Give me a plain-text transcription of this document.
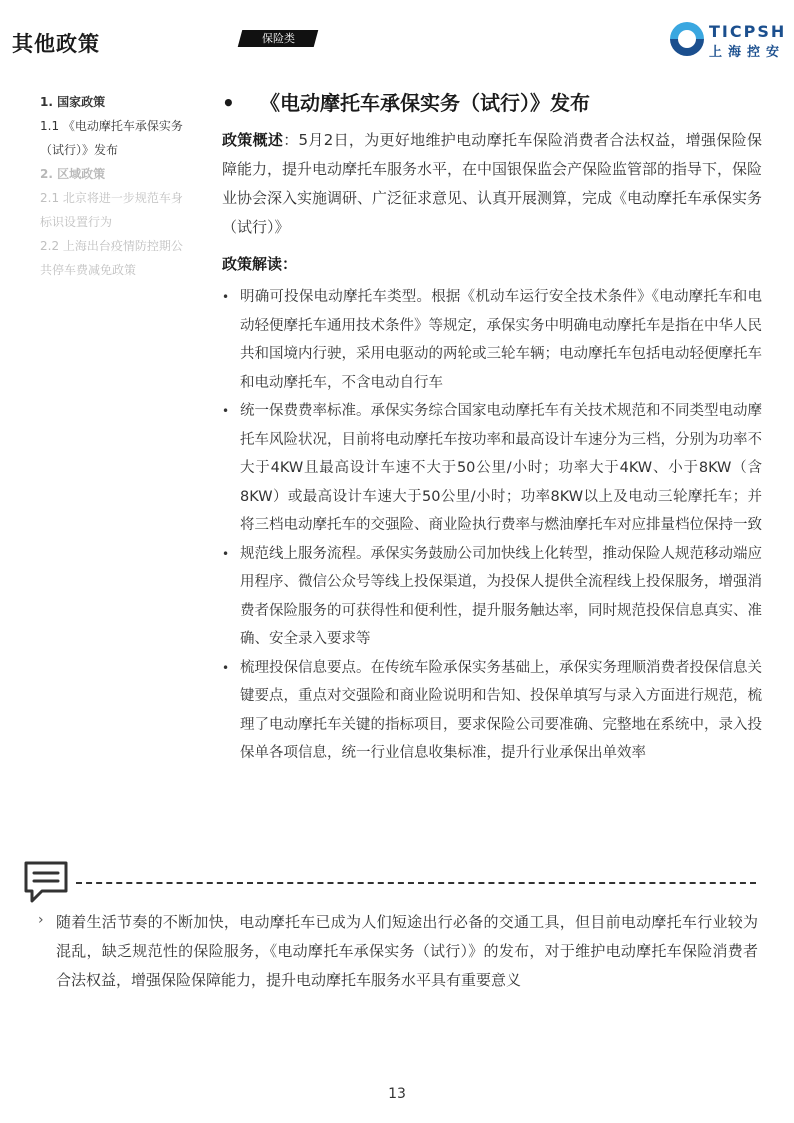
其他政策	保险类	TICPSH
上海控安
1. 国家政策
1.1 《电动摩托车承保实务
（试行）》发布
2. 区域政策
2.1 北京将进一步规范车身
标识设置行为
2.2 上海出台疫情防控期公
共停车费减免政策
• 《电动摩托车承保实务（试行）》发布

政策概述：5月2日，为更好地维护电动摩托车保险消费者合法权益，增强保险保障能力，提升电动摩托车服务水平，在中国银保监会产保险监管部的指导下，保险业协会深入实施调研、广泛征求意见、认真开展测算，完成《电动摩托车承保实务（试行）》

政策解读：
• 明确可投保电动摩托车类型。根据《机动车运行安全技术条件》《电动摩托车和电动轻便摩托车通用技术条件》等规定，承保实务中明确电动摩托车是指在中华人民共和国境内行驶，采用电驱动的两轮或三轮车辆；电动摩托车包括电动轻便摩托车和电动摩托车，不含电动自行车
• 统一保费费率标准。承保实务综合国家电动摩托车有关技术规范和不同类型电动摩托车风险状况，目前将电动摩托车按功率和最高设计车速分为三档，分别为功率不大于4KW且最高设计车速不大于50公里/小时；功率大于4KW、小于8KW（含8KW）或最高设计车速大于50公里/小时；功率8KW以上及电动三轮摩托车；并将三档电动摩托车的交强险、商业险执行费率与燃油摩托车对应排量档位保持一致
• 规范线上服务流程。承保实务鼓励公司加快线上化转型，推动保险人规范移动端应用程序、微信公众号等线上投保渠道，为投保人提供全流程线上投保服务，增强消费者保险服务的可获得性和便利性，提升服务触达率，同时规范投保信息真实、准确、安全录入要求等
• 梳理投保信息要点。在传统车险承保实务基础上，承保实务理顺消费者投保信息关键要点，重点对交强险和商业险说明和告知、投保单填写与录入方面进行规范，梳理了电动摩托车关键的指标项目，要求保险公司要准确、完整地在系统中，录入投保单各项信息，统一行业信息收集标准，提升行业承保出单效率
› 随着生活节奏的不断加快，电动摩托车已成为人们短途出行必备的交通工具，但目前电动摩托车行业较为混乱，缺乏规范性的保险服务，《电动摩托车承保实务（试行）》的发布，对于维护电动摩托车保险消费者合法权益，增强保险保障能力，提升电动摩托车服务水平具有重要意义

13
